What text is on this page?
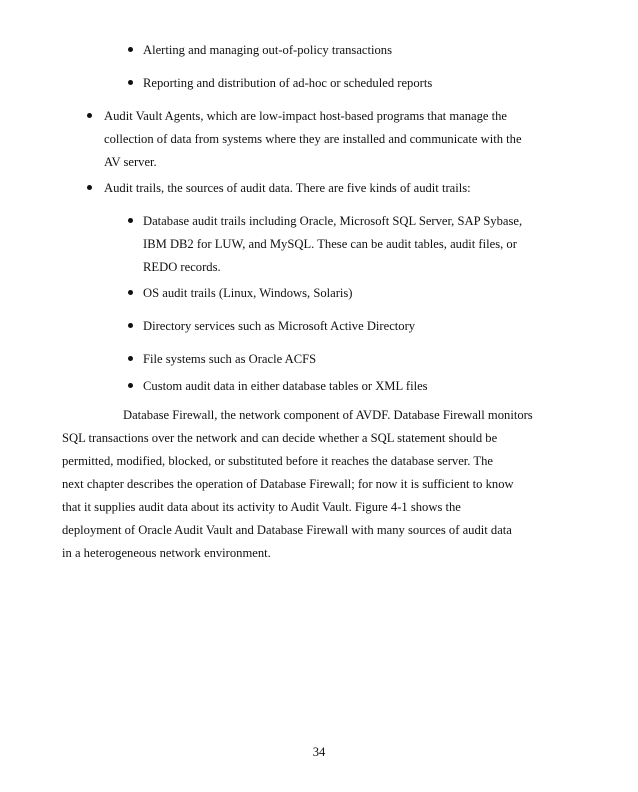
Alerting and managing out-of-policy transactions
Reporting and distribution of ad-hoc or scheduled reports
Audit Vault Agents, which are low-impact host-based programs that manage the
collection of data from systems where they are installed and communicate with the
AV server.
Audit trails, the sources of audit data. There are five kinds of audit trails:
Database audit trails including Oracle, Microsoft SQL Server, SAP Sybase,
IBM DB2 for LUW, and MySQL. These can be audit tables, audit files, or
REDO records.
OS audit trails (Linux, Windows, Solaris)
Directory services such as Microsoft Active Directory
File systems such as Oracle ACFS
Custom audit data in either database tables or XML files
Database Firewall, the network component of AVDF. Database Firewall monitors
SQL transactions over the network and can decide whether a SQL statement should be
permitted, modified, blocked, or substituted before it reaches the database server. The
next chapter describes the operation of Database Firewall; for now it is sufficient to know
that it supplies audit data about its activity to Audit Vault. Figure 4-1 shows the
deployment of Oracle Audit Vault and Database Firewall with many sources of audit data
in a heterogeneous network environment.
34
